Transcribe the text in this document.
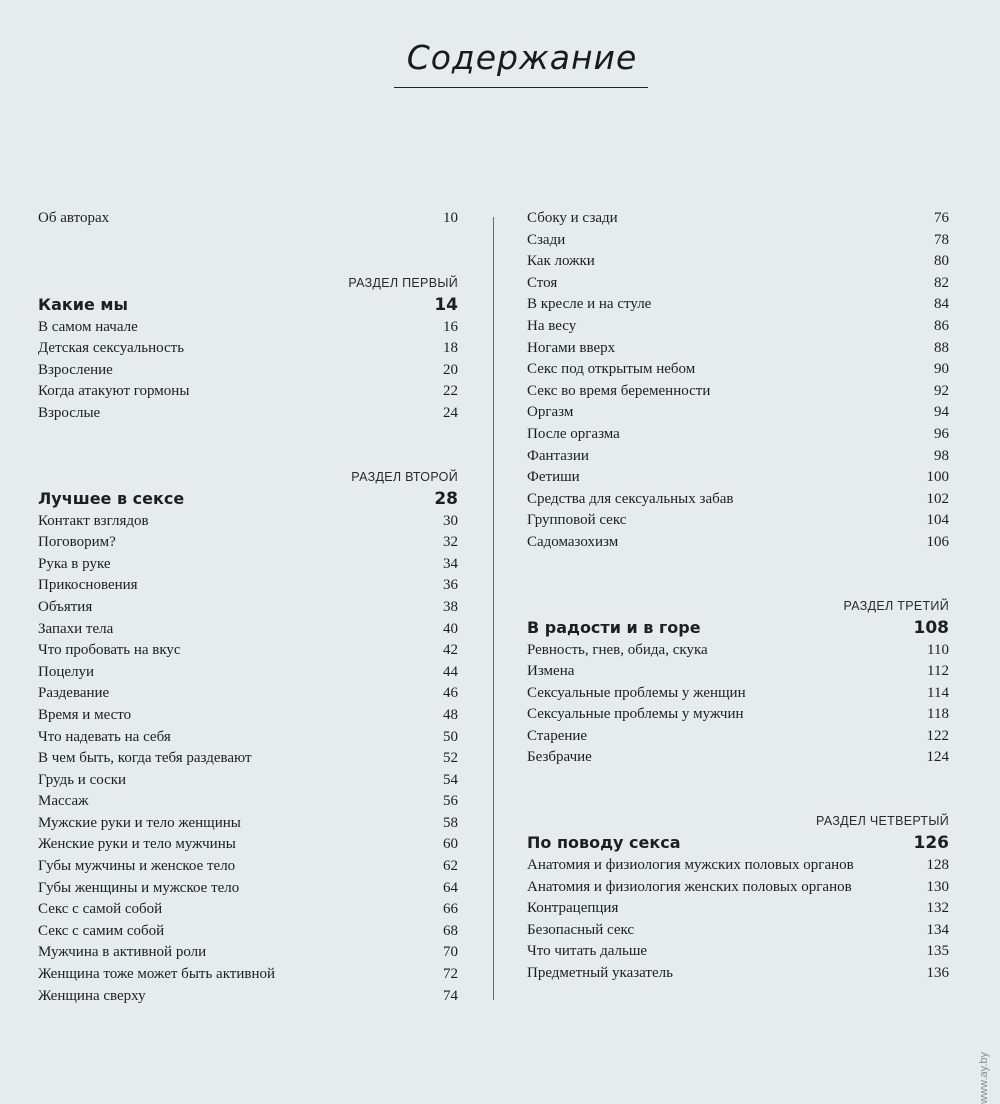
Содержание
Об авторах	10
РАЗДЕЛ ПЕРВЫЙ
Какие мы	14
В самом начале	16
Детская сексуальность	18
Взросление	20
Когда атакуют гормоны	22
Взрослые	24
РАЗДЕЛ ВТОРОЙ
Лучшее в сексе	28
Контакт взглядов	30
Поговорим?	32
Рука в руке	34
Прикосновения	36
Объятия	38
Запахи тела	40
Что пробовать на вкус	42
Поцелуи	44
Раздевание	46
Время и место	48
Что надевать на себя	50
В чем быть, когда тебя раздевают	52
Грудь и соски	54
Массаж	56
Мужские руки и тело женщины	58
Женские руки и тело мужчины	60
Губы мужчины и женское тело	62
Губы женщины и мужское тело	64
Секс с самой собой	66
Секс с самим собой	68
Мужчина в активной роли	70
Женщина тоже может быть активной	72
Женщина сверху	74
Сбоку и сзади	76
Сзади	78
Как ложки	80
Стоя	82
В кресле и на стуле	84
На весу	86
Ногами вверх	88
Секс под открытым небом	90
Секс во время беременности	92
Оргазм	94
После оргазма	96
Фантазии	98
Фетиши	100
Средства для сексуальных забав	102
Групповой секс	104
Садомазохизм	106
РАЗДЕЛ ТРЕТИЙ
В радости и в горе	108
Ревность, гнев, обида, скука	110
Измена	112
Сексуальные проблемы у женщин	114
Сексуальные проблемы у мужчин	118
Старение	122
Безбрачие	124
РАЗДЕЛ ЧЕТВЕРТЫЙ
По поводу секса	126
Анатомия и физиология мужских половых органов	128
Анатомия и физиология женских половых органов	130
Контрацепция	132
Безопасный секс	134
Что читать дальше	135
Предметный указатель	136
www.ay.by
